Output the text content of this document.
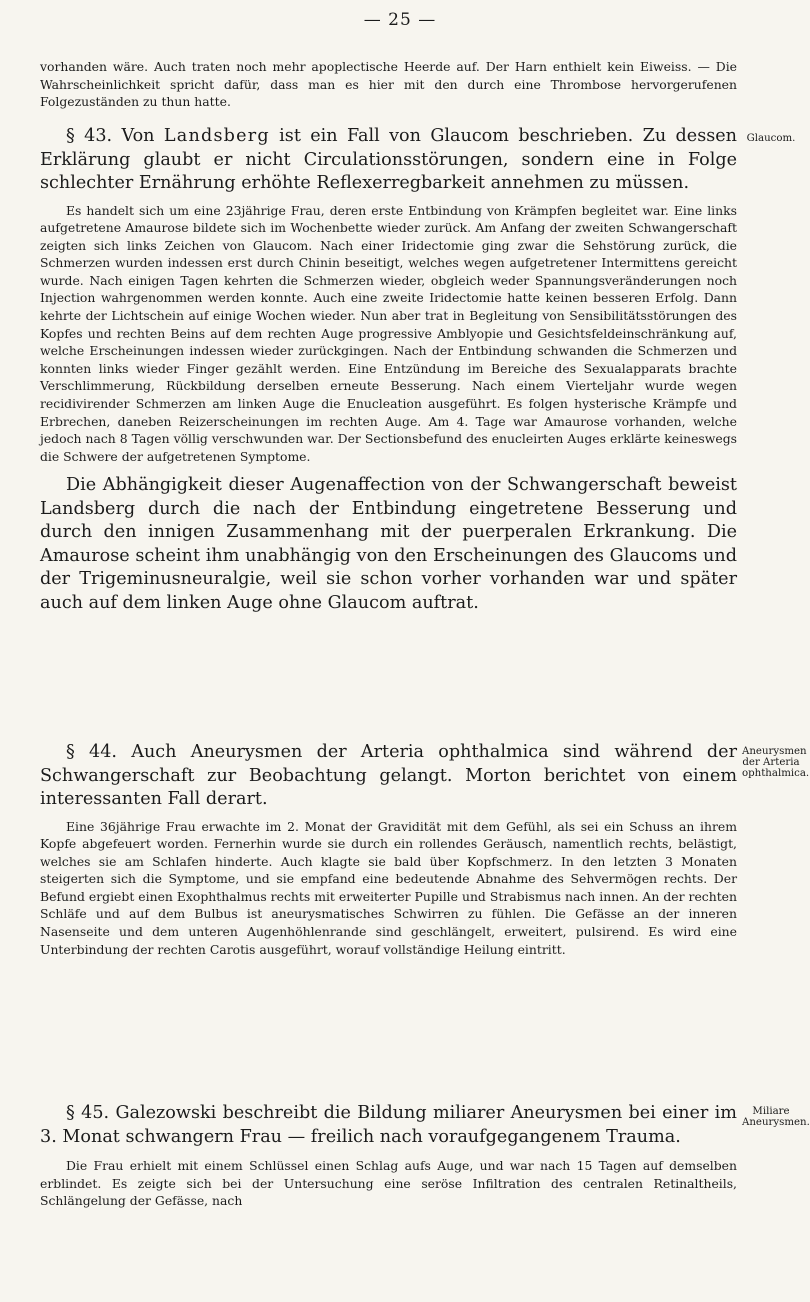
— 25 —

vorhanden wäre. Auch traten noch mehr apoplectische Heerde auf. Der Harn enthielt kein Eiweiss. — Die Wahrscheinlichkeit spricht dafür, dass man es hier mit den durch eine Thrombose hervorgerufenen Folgezuständen zu thun hatte.

§ 43. Von Landsberg ist ein Fall von Glaucom beschrieben. Zu dessen Erklärung glaubt er nicht Circulationsstörungen, sondern eine in Folge schlechter Ernährung erhöhte Reflexerregbarkeit annehmen zu müssen.

Es handelt sich um eine 23jährige Frau, deren erste Entbindung von Krämpfen begleitet war. Eine links aufgetretene Amaurose bildete sich im Wochenbette wieder zurück. Am Anfang der zweiten Schwangerschaft zeigten sich links Zeichen von Glaucom. Nach einer Iridectomie ging zwar die Sehstörung zurück, die Schmerzen wurden indessen erst durch Chinin beseitigt, welches wegen aufgetretener Intermittens gereicht wurde. Nach einigen Tagen kehrten die Schmerzen wieder, obgleich weder Spannungsveränderungen noch Injection wahrgenommen werden konnte. Auch eine zweite Iridectomie hatte keinen besseren Erfolg. Dann kehrte der Lichtschein auf einige Wochen wieder. Nun aber trat in Begleitung von Sensibilitätsstörungen des Kopfes und rechten Beins auf dem rechten Auge progressive Amblyopie und Gesichtsfeldeinschränkung auf, welche Erscheinungen indessen wieder zurückgingen. Nach der Entbindung schwanden die Schmerzen und konnten links wieder Finger gezählt werden. Eine Entzündung im Bereiche des Sexualapparats brachte Verschlimmerung, Rückbildung derselben erneute Besserung. Nach einem Vierteljahr wurde wegen recidivirender Schmerzen am linken Auge die Enucleation ausgeführt. Es folgen hysterische Krämpfe und Erbrechen, daneben Reizerscheinungen im rechten Auge. Am 4. Tage war Amaurose vorhanden, welche jedoch nach 8 Tagen völlig verschwunden war. Der Sectionsbefund des enucleirten Auges erklärte keineswegs die Schwere der aufgetretenen Symptome.

Die Abhängigkeit dieser Augenaffection von der Schwangerschaft beweist Landsberg durch die nach der Entbindung eingetretene Besserung und durch den innigen Zusammenhang mit der puerperalen Erkrankung. Die Amaurose scheint ihm unabhängig von den Erscheinungen des Glaucoms und der Trigeminusneuralgie, weil sie schon vorher vorhanden war und später auch auf dem linken Auge ohne Glaucom auftrat.

Glaucom.

§ 44. Auch Aneurysmen der Arteria ophthalmica sind während der Schwangerschaft zur Beobachtung gelangt. Morton berichtet von einem interessanten Fall derart.

Eine 36jährige Frau erwachte im 2. Monat der Gravidität mit dem Gefühl, als sei ein Schuss an ihrem Kopfe abgefeuert worden. Fernerhin wurde sie durch ein rollendes Geräusch, namentlich rechts, belästigt, welches sie am Schlafen hinderte. Auch klagte sie bald über Kopfschmerz. In den letzten 3 Monaten steigerten sich die Symptome, und sie empfand eine bedeutende Abnahme des Sehvermögen rechts. Der Befund ergiebt einen Exophthalmus rechts mit erweiterter Pupille und Strabismus nach innen. An der rechten Schläfe und auf dem Bulbus ist aneurysmatisches Schwirren zu fühlen. Die Gefässe an der inneren Nasenseite und dem unteren Augenhöhlenrande sind geschlängelt, erweitert, pulsirend. Es wird eine Unterbindung der rechten Carotis ausgeführt, worauf vollständige Heilung eintritt.

Aneurysmen der Arteria ophthalmica.

§ 45. Galezowski beschreibt die Bildung miliarer Aneurysmen bei einer im 3. Monat schwangern Frau — freilich nach voraufgegangenem Trauma.

Die Frau erhielt mit einem Schlüssel einen Schlag aufs Auge, und war nach 15 Tagen auf demselben erblindet. Es zeigte sich bei der Untersuchung eine seröse Infiltration des centralen Retinaltheils, Schlängelung der Gefässe, nach

Miliare Aneurysmen.
